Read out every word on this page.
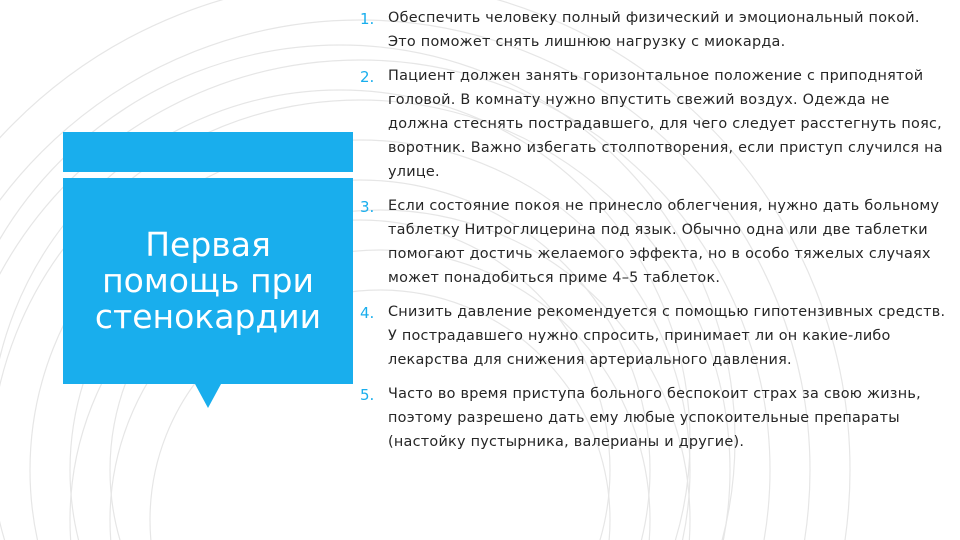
Первая помощь при стенокардии
1. Обеспечить человеку полный физический и эмоциональный покой. Это поможет снять лишнюю нагрузку с миокарда.
2. Пациент должен занять горизонтальное положение с приподнятой головой. В комнату нужно впустить свежий воздух. Одежда не должна стеснять пострадавшего, для чего следует расстегнуть пояс, воротник. Важно избегать столпотворения, если приступ случился на улице.
3. Если состояние покоя не принесло облегчения, нужно дать больному таблетку Нитроглицерина под язык. Обычно одна или две таблетки помогают достичь желаемого эффекта, но в особо тяжелых случаях может понадобиться приме 4–5 таблеток.
4. Снизить давление рекомендуется с помощью гипотензивных средств. У пострадавшего нужно спросить, принимает ли он какие-либо лекарства для снижения артериального давления.
5. Часто во время приступа больного беспокоит страх за свою жизнь, поэтому разрешено дать ему любые успокоительные препараты (настойку пустырника, валерианы и другие).
